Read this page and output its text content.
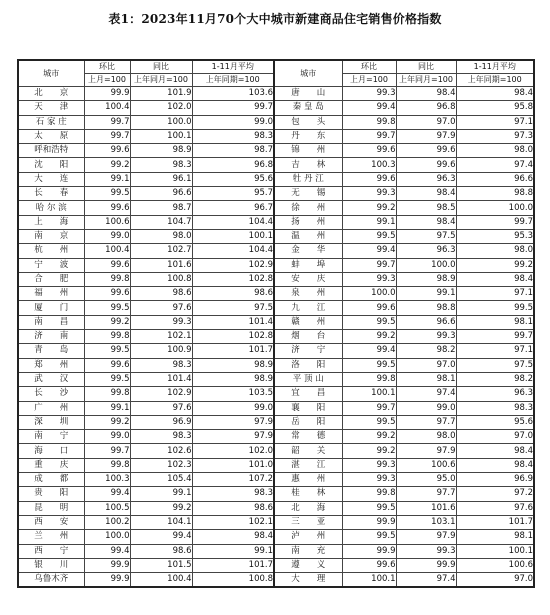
表1：2023年11月70个大中城市新建商品住宅销售价格指数
城市	环比	同比	1-11月平均	城市	环比	同比	1-11月平均
	上月=100	上年同月=100	上年同期=100		上月=100	上年同月=100	上年同期=100
北　　京	99.9	101.9	103.6	唐　　山	99.3	98.4	98.4
天　　津	100.4	102.0	99.7	秦 皇 岛	99.4	96.8	95.8
石 家 庄	99.7	100.0	99.0	包　　头	99.8	97.0	97.1
太　　原	99.7	100.1	98.3	丹　　东	99.7	97.9	97.3
呼和浩特	99.6	98.9	98.7	锦　　州	99.6	99.6	98.0
沈　　阳	99.2	98.3	96.8	吉　　林	100.3	99.6	97.4
大　　连	99.1	96.1	95.6	牡 丹 江	99.6	96.3	96.6
长　　春	99.5	96.6	95.7	无　　锡	99.3	98.4	98.8
哈 尔 滨	99.6	98.7	96.7	徐　　州	99.2	98.5	100.0
上　　海	100.6	104.7	104.4	扬　　州	99.1	98.4	99.7
南　　京	99.0	98.0	100.1	温　　州	99.5	97.5	95.3
杭　　州	100.4	102.7	104.4	金　　华	99.4	96.3	98.0
宁　　波	99.6	101.6	102.9	蚌　　埠	99.7	100.0	99.2
合　　肥	99.8	100.8	102.8	安　　庆	99.3	98.9	98.4
福　　州	99.6	98.6	98.6	泉　　州	100.0	99.1	97.1
厦　　门	99.5	97.6	97.5	九　　江	99.6	98.8	99.5
南　　昌	99.2	99.3	101.4	赣　　州	99.5	96.6	98.1
济　　南	99.8	102.1	102.8	烟　　台	99.2	99.3	99.7
青　　岛	99.5	100.9	101.7	济　　宁	99.4	98.2	97.1
郑　　州	99.6	98.3	98.9	洛　　阳	99.5	97.0	97.5
武　　汉	99.5	101.4	98.9	平 顶 山	99.8	98.1	98.2
长　　沙	99.8	102.9	103.5	宜　　昌	100.1	97.4	96.3
广　　州	99.1	97.6	99.0	襄　　阳	99.7	99.0	98.3
深　　圳	99.2	96.9	97.9	岳　　阳	99.5	97.7	95.6
南　　宁	99.0	98.3	97.9	常　　德	99.2	98.0	97.0
海　　口	99.7	102.6	102.0	韶　　关	99.2	97.9	98.4
重　　庆	99.8	102.3	101.0	湛　　江	99.3	100.6	98.4
成　　都	100.3	105.4	107.2	惠　　州	99.3	95.0	96.9
贵　　阳	99.4	99.1	98.3	桂　　林	99.8	97.7	97.2
昆　　明	100.5	99.2	98.6	北　　海	99.5	101.6	97.6
西　　安	100.2	104.1	102.1	三　　亚	99.9	103.1	101.7
兰　　州	100.0	99.4	98.4	泸　　州	99.5	97.9	98.1
西　　宁	99.4	98.6	99.1	南　　充	99.9	99.3	100.1
银　　川	99.9	101.5	101.7	遵　　义	99.6	99.9	100.6
乌鲁木齐	99.9	100.4	100.8	大　　理	100.1	97.4	97.0
